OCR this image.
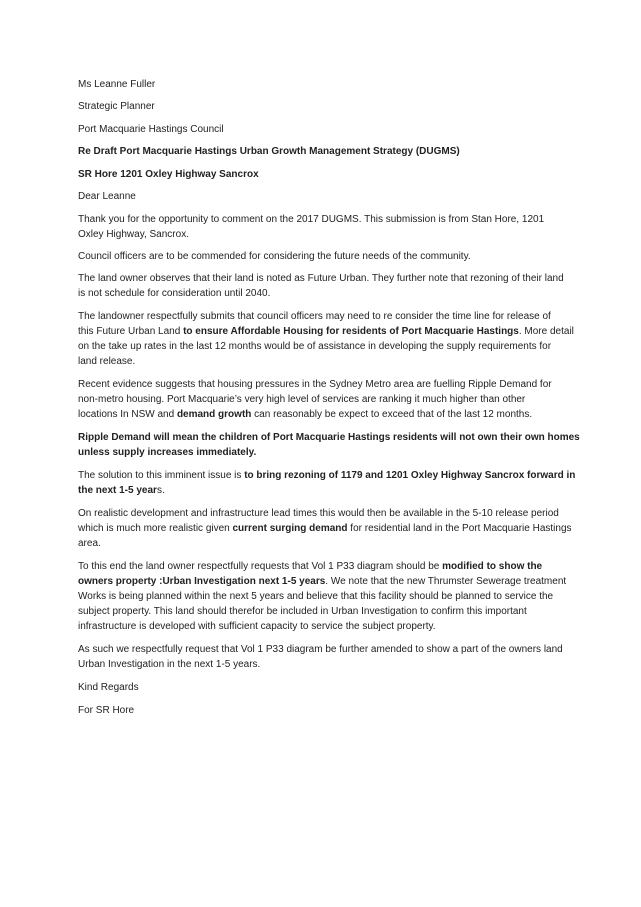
Ms Leanne Fuller

Strategic Planner

Port Macquarie Hastings Council

Re Draft Port Macquarie Hastings Urban Growth Management Strategy (DUGMS)

SR Hore 1201 Oxley Highway Sancrox

Dear Leanne

Thank you for the opportunity to comment on the 2017 DUGMS. This submission is from Stan Hore, 1201

Oxley Highway, Sancrox.

Council officers are to be commended for considering the future needs of the community.

The land owner observes that their land is noted as Future Urban. They further note that rezoning of their land

is not schedule for consideration until 2040.

The landowner respectfully submits that council officers may need to re consider the time line for release of

this Future Urban Land to ensure Affordable Housing for residents of Port Macquarie Hastings. More detail

on the take up rates in the last 12 months would be of assistance in developing the supply requirements for

land release.

Recent evidence suggests that housing pressures in the Sydney Metro area are fuelling Ripple Demand for

non-metro housing. Port Macquarie’s very high level of services are ranking it much higher than other

locations In NSW and demand growth can reasonably be expect to exceed that of the last 12 months.

Ripple Demand will mean the children of Port Macquarie Hastings residents will not own their own homes

unless supply increases immediately.

The solution to this imminent issue is to bring rezoning of 1179 and 1201 Oxley Highway Sancrox forward in

the next 1-5 years.

On realistic development and infrastructure lead times this would then be available in the 5-10 release period

which is much more realistic given current surging demand for residential land in the Port Macquarie Hastings

area.

To this end the land owner respectfully requests that Vol 1 P33 diagram should be modified to show the

owners property :Urban Investigation next 1-5 years. We note that the new Thrumster Sewerage treatment

Works is being planned within the next 5 years and believe that this facility should be planned to service the

subject property. This land should therefor be included in Urban Investigation to confirm this important

infrastructure is developed with sufficient capacity to service the subject property.

As such we respectfully request that Vol 1 P33 diagram be further amended to show a part of the owners land

Urban Investigation in the next 1-5 years.

Kind Regards

For SR Hore
